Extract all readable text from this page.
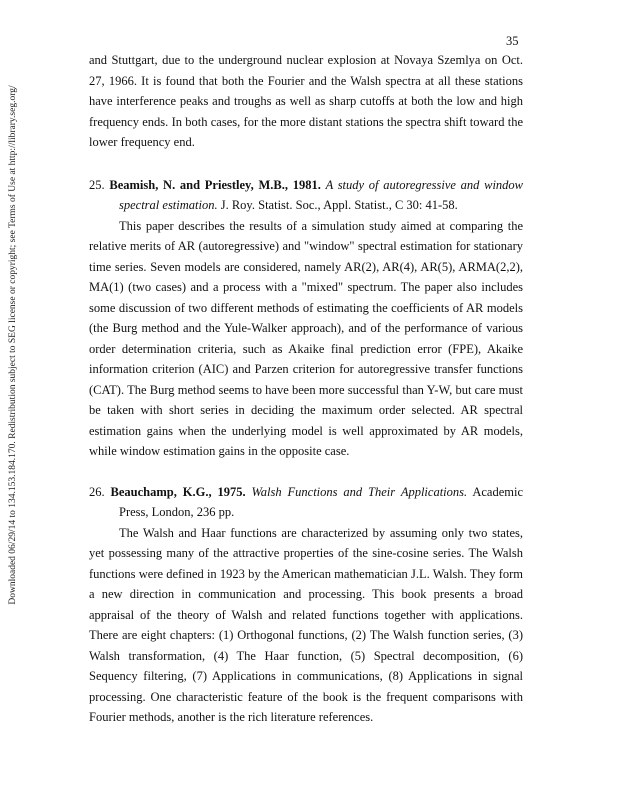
35
Downloaded 06/29/14 to 134.153.184.170. Redistribution subject to SEG license or copyright; see Terms of Use at http://library.seg.org/

and Stuttgart, due to the underground nuclear explosion at Novaya Szemlya on Oct. 27, 1966. It is found that both the Fourier and the Walsh spectra at all these stations have interference peaks and troughs as well as sharp cutoffs at both the low and high frequency ends. In both cases, for the more distant stations the spectra shift toward the lower frequency end.

25. Beamish, N. and Priestley, M.B., 1981. A study of autoregressive and window spectral estimation. J. Roy. Statist. Soc., Appl. Statist., C 30: 41-58.

This paper describes the results of a simulation study aimed at comparing the relative merits of AR (autoregressive) and "window" spectral estimation for stationary time series. Seven models are considered, namely AR(2), AR(4), AR(5), ARMA(2,2), MA(1) (two cases) and a process with a "mixed" spectrum. The paper also includes some discussion of two different methods of estimating the coefficients of AR models (the Burg method and the Yule-Walker approach), and of the performance of various order determination criteria, such as Akaike final prediction error (FPE), Akaike information criterion (AIC) and Parzen criterion for autoregressive transfer functions (CAT). The Burg method seems to have been more successful than Y-W, but care must be taken with short series in deciding the maximum order selected. AR spectral estimation gains when the underlying model is well approximated by AR models, while window estimation gains in the opposite case.

26. Beauchamp, K.G., 1975. Walsh Functions and Their Applications. Academic Press, London, 236 pp.

The Walsh and Haar functions are characterized by assuming only two states, yet possessing many of the attractive properties of the sine-cosine series. The Walsh functions were defined in 1923 by the American mathematician J.L. Walsh. They form a new direction in communication and processing. This book presents a broad appraisal of the theory of Walsh and related functions together with applications. There are eight chapters: (1) Orthogonal functions, (2) The Walsh function series, (3) Walsh transformation, (4) The Haar function, (5) Spectral decomposition, (6) Sequency filtering, (7) Applications in communications, (8) Applications in signal processing. One characteristic feature of the book is the frequent comparisons with Fourier methods, another is the rich literature references.
